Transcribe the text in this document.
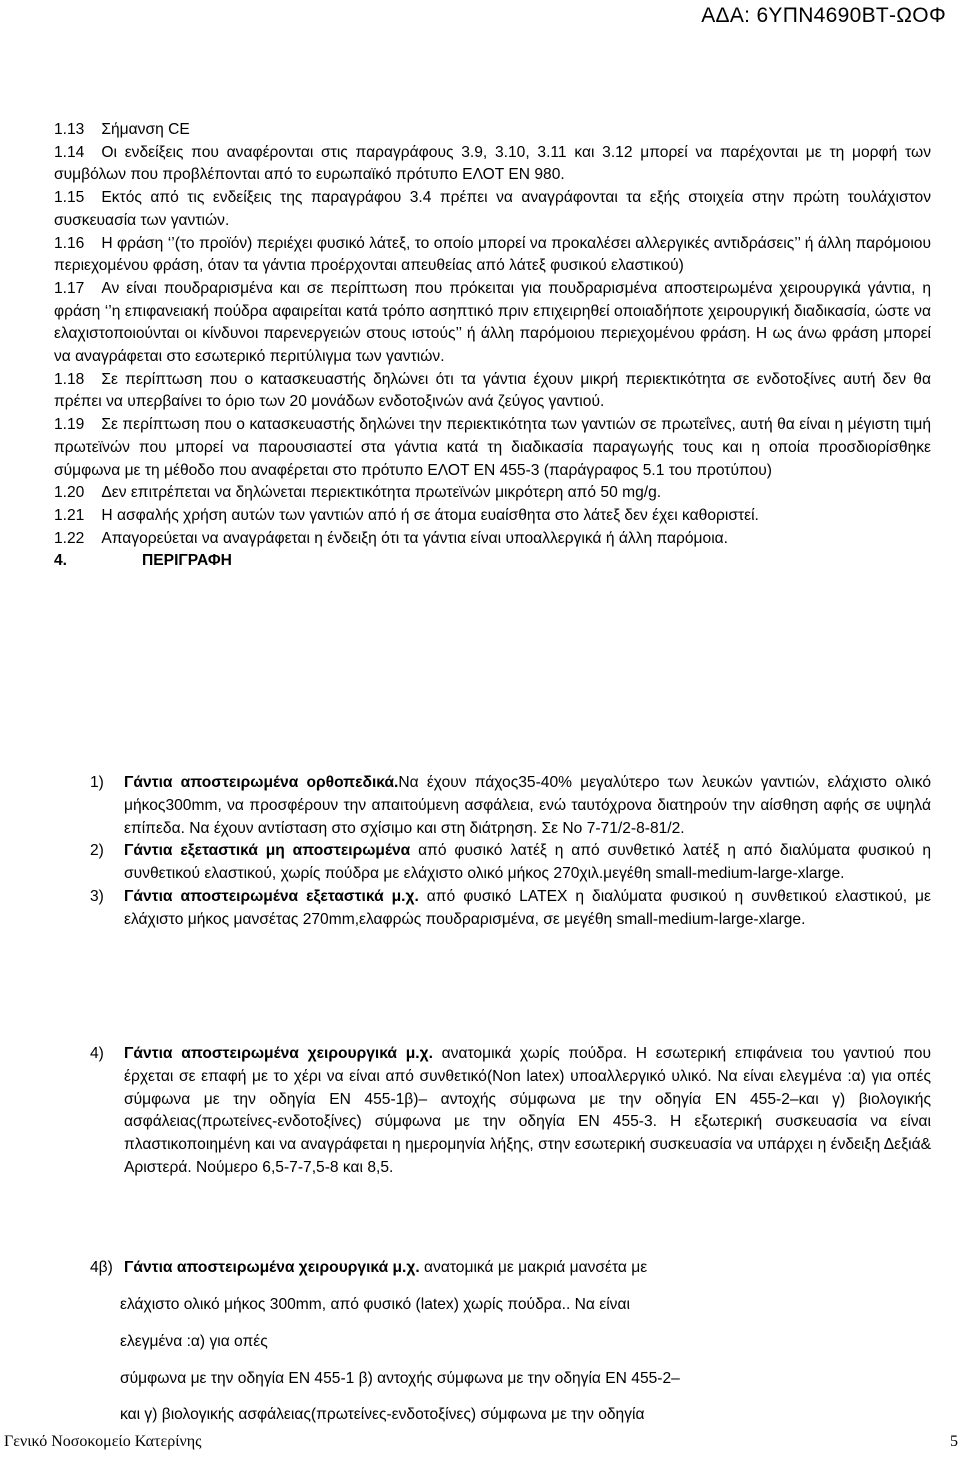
ΑΔΑ: 6ΥΠΝ4690ΒΤ-ΩΟΦ
1.13 Σήμανση CE
1.14 Οι ενδείξεις που αναφέρονται στις παραγράφους 3.9, 3.10, 3.11 και 3.12 μπορεί να παρέχονται με τη μορφή των συμβόλων που προβλέπονται από το ευρωπαϊκό πρότυπο ΕΛΟΤ ΕΝ 980.
1.15 Εκτός από τις ενδείξεις της παραγράφου 3.4 πρέπει να αναγράφονται τα εξής στοιχεία στην πρώτη τουλάχιστον συσκευασία των γαντιών.
1.16 Η φράση ‘’(το προϊόν) περιέχει φυσικό λάτεξ, το οποίο μπορεί να προκαλέσει αλλεργικές αντιδράσεις’’ ή άλλη παρόμοιου περιεχομένου φράση, όταν τα γάντια προέρχονται απευθείας από λάτεξ φυσικού ελαστικού)
1.17 Αν είναι πουδραρισμένα και σε περίπτωση που πρόκειται για πουδραρισμένα αποστειρωμένα χειρουργικά γάντια, η φράση ‘’η επιφανειακή πούδρα αφαιρείται κατά τρόπο ασηπτικό πριν επιχειρηθεί οποιαδήποτε χειρουργική διαδικασία, ώστε να ελαχιστοποιούνται οι κίνδυνοι παρενεργειών στους ιστούς’’ ή άλλη παρόμοιου περιεχομένου φράση. Η ως άνω φράση μπορεί να αναγράφεται στο εσωτερικό περιτύλιγμα των γαντιών.
1.18 Σε περίπτωση που ο κατασκευαστής δηλώνει ότι τα γάντια έχουν μικρή περιεκτικότητα σε ενδοτοξίνες αυτή δεν θα πρέπει να υπερβαίνει το όριο των 20 μονάδων ενδοτοξινών ανά ζεύγος γαντιού.
1.19 Σε περίπτωση που ο κατασκευαστής δηλώνει την περιεκτικότητα των γαντιών σε πρωτεΐνες, αυτή θα είναι η μέγιστη τιμή πρωτεϊνών που μπορεί να παρουσιαστεί στα γάντια κατά τη διαδικασία παραγωγής τους και η οποία προσδιορίσθηκε σύμφωνα με τη μέθοδο που αναφέρεται στο πρότυπο ΕΛΟΤ ΕΝ 455-3 (παράγραφος 5.1 του προτύπου)
1.20 Δεν επιτρέπεται να δηλώνεται περιεκτικότητα πρωτεϊνών μικρότερη από 50 mg/g.
1.21 Η ασφαλής χρήση αυτών των γαντιών από ή σε άτομα ευαίσθητα στο λάτεξ δεν έχει καθοριστεί.
1.22 Απαγορεύεται να αναγράφεται η ένδειξη ότι τα γάντια είναι υποαλλεργικά ή άλλη παρόμοια.
4.	ΠΕΡΙΓΡΑΦΗ
1)	Γάντια αποστειρωμένα ορθοπεδικά.Να έχουν πάχος35-40% μεγαλύτερο των λευκών γαντιών, ελάχιστο ολικό μήκος300mm, να προσφέρουν την απαιτούμενη ασφάλεια, ενώ ταυτόχρονα διατηρούν την αίσθηση αφής σε υψηλά επίπεδα. Να έχουν αντίσταση στο σχίσιμο και στη διάτρηση. Σε Νο 7-71/2-8-81/2.
2)	Γάντια εξεταστικά μη αποστειρωμένα από φυσικό λατέξ η από συνθετικό λατέξ η από διαλύματα φυσικού η συνθετικού ελαστικού, χωρίς πούδρα με ελάχιστο ολικό μήκος 270χιλ.μεγέθη small-medium-large-xlarge.
3)	Γάντια αποστειρωμένα εξεταστικά μ.χ. από φυσικό LATEX η διαλύματα φυσικού η συνθετικού ελαστικού, με ελάχιστο μήκος μανσέτας 270mm,ελαφρώς πουδραρισμένα, σε μεγέθη small-medium-large-xlarge.
4)	Γάντια αποστειρωμένα χειρουργικά μ.χ. ανατομικά χωρίς πούδρα. Η εσωτερική επιφάνεια του γαντιού που έρχεται σε επαφή με το χέρι να είναι από συνθετικό(Non latex) υποαλλεργικό υλικό. Να είναι ελεγμένα :α) για οπές σύμφωνα με την οδηγία ΕΝ 455-1β)– αντοχής σύμφωνα με την οδηγία ΕΝ 455-2–και γ) βιολογικής ασφάλειας(πρωτείνες-ενδοτοξίνες) σύμφωνα με την οδηγία ΕΝ 455-3. Η εξωτερική συσκευασία να είναι πλαστικοποιημένη και να αναγράφεται η ημερομηνία λήξης, στην εσωτερική συσκευασία να υπάρχει η ένδειξη Δεξιά& Αριστερά. Νούμερο 6,5-7-7,5-8 και 8,5.
4β) Γάντια αποστειρωμένα χειρουργικά μ.χ. ανατομικά με μακριά μανσέτα με
ελάχιστο ολικό μήκος 300mm, από φυσικό (latex) χωρίς πούδρα.. Να είναι
ελεγμένα :α) για οπές
σύμφωνα με την οδηγία ΕΝ 455-1 β) αντοχής σύμφωνα με την οδηγία ΕΝ 455-2–
και γ) βιολογικής ασφάλειας(πρωτείνες-ενδοτοξίνες) σύμφωνα με την οδηγία
Γενικό Νοσοκομείο Κατερίνης	5
